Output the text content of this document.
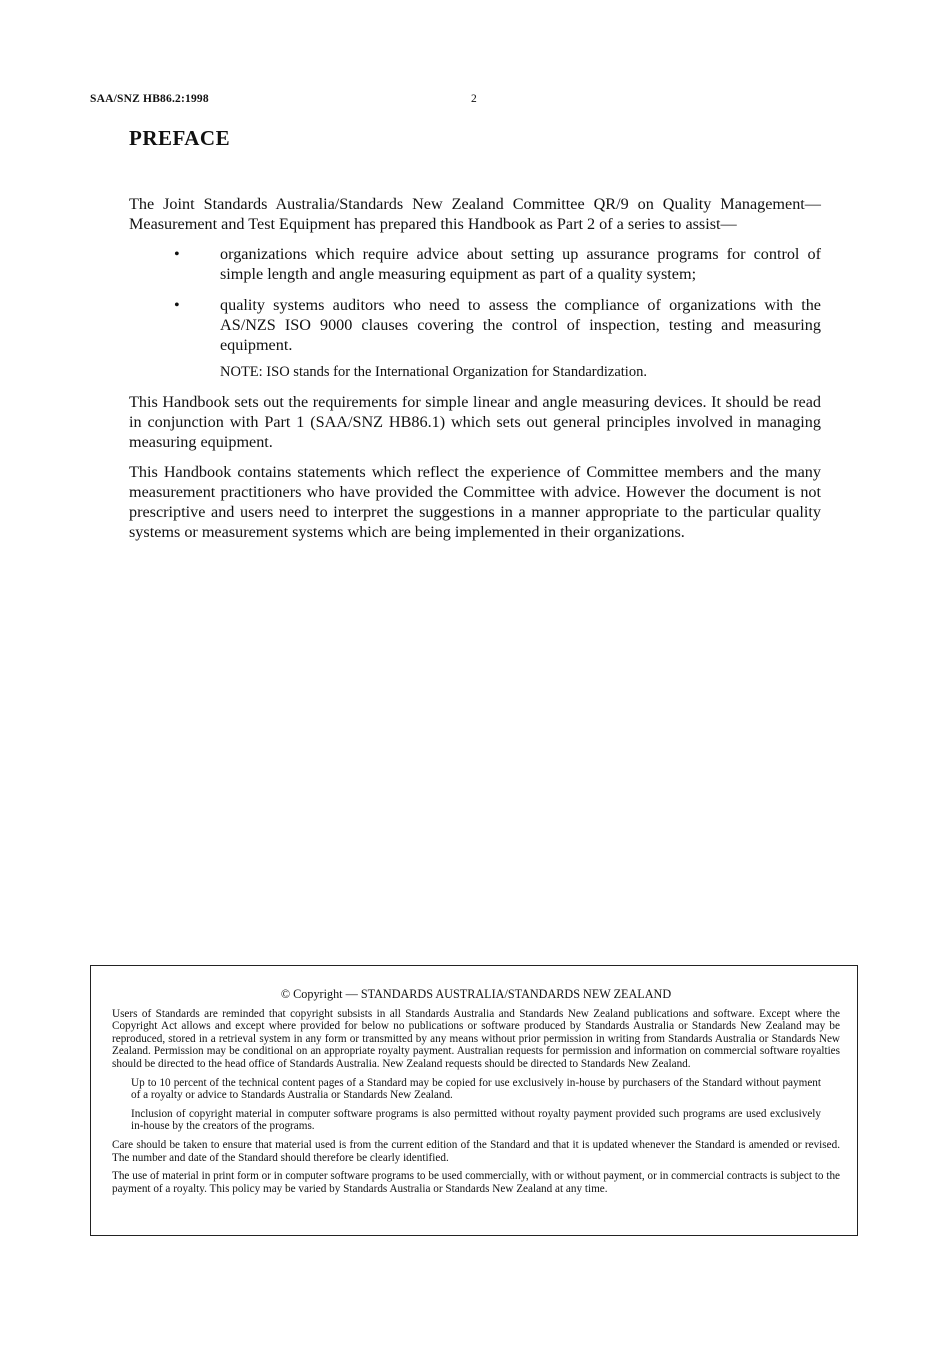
SAA/SNZ HB86.2:1998	2
PREFACE

The Joint Standards Australia/Standards New Zealand Committee QR/9 on Quality Management—Measurement and Test Equipment has prepared this Handbook as Part 2 of a series to assist—

• organizations which require advice about setting up assurance programs for control of simple length and angle measuring equipment as part of a quality system;
• quality systems auditors who need to assess the compliance of organizations with the AS/NZS ISO 9000 clauses covering the control of inspection, testing and measuring equipment.
NOTE: ISO stands for the International Organization for Standardization.

This Handbook sets out the requirements for simple linear and angle measuring devices. It should be read in conjunction with Part 1 (SAA/SNZ HB86.1) which sets out general principles involved in managing measuring equipment.

This Handbook contains statements which reflect the experience of Committee members and the many measurement practitioners who have provided the Committee with advice. However the document is not prescriptive and users need to interpret the suggestions in a manner appropriate to the particular quality systems or measurement systems which are being implemented in their organizations.

© Copyright — STANDARDS AUSTRALIA/STANDARDS NEW ZEALAND

Users of Standards are reminded that copyright subsists in all Standards Australia and Standards New Zealand publications and software. Except where the Copyright Act allows and except where provided for below no publications or software produced by Standards Australia or Standards New Zealand may be reproduced, stored in a retrieval system in any form or transmitted by any means without prior permission in writing from Standards Australia or Standards New Zealand. Permission may be conditional on an appropriate royalty payment. Australian requests for permission and information on commercial software royalties should be directed to the head office of Standards Australia. New Zealand requests should be directed to Standards New Zealand.

Up to 10 percent of the technical content pages of a Standard may be copied for use exclusively in-house by purchasers of the Standard without payment of a royalty or advice to Standards Australia or Standards New Zealand.

Inclusion of copyright material in computer software programs is also permitted without royalty payment provided such programs are used exclusively in-house by the creators of the programs.

Care should be taken to ensure that material used is from the current edition of the Standard and that it is updated whenever the Standard is amended or revised. The number and date of the Standard should therefore be clearly identified.

The use of material in print form or in computer software programs to be used commercially, with or without payment, or in commercial contracts is subject to the payment of a royalty. This policy may be varied by Standards Australia or Standards New Zealand at any time.
